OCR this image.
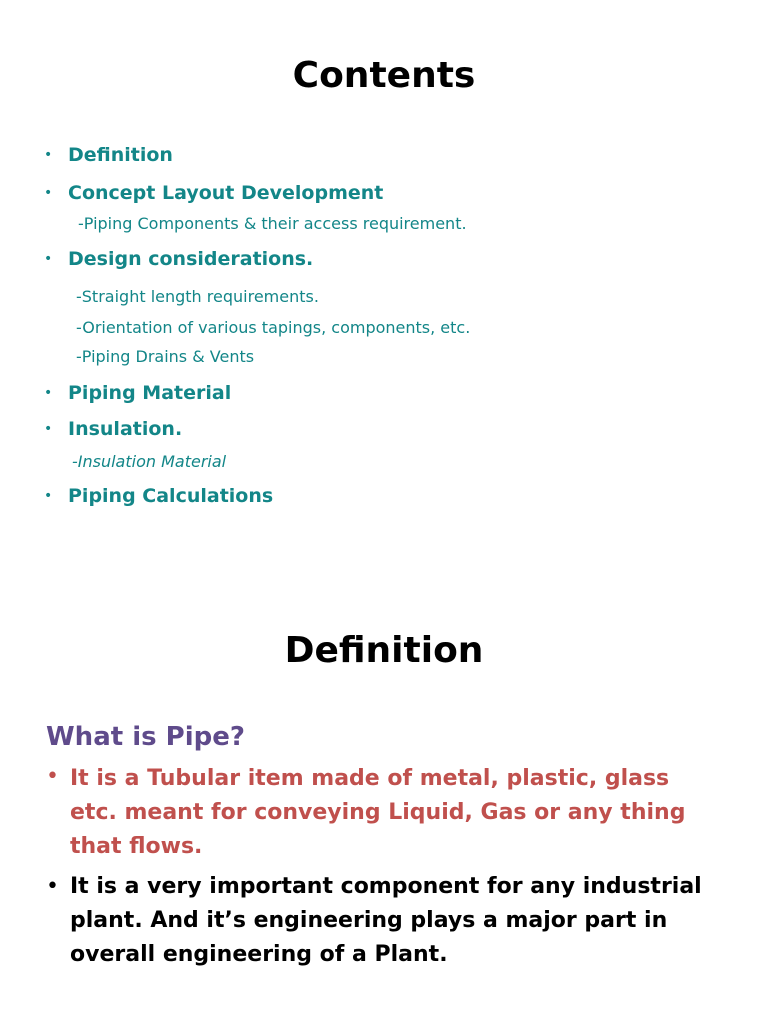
Contents
• Definition
• Concept Layout Development
-Piping Components & their access requirement.
• Design considerations.
-Straight length requirements.
-Orientation of various tapings, components, etc.
-Piping Drains & Vents
• Piping Material
• Insulation.
-Insulation Material
• Piping Calculations
Definition
What is Pipe?
• It is a Tubular item made of metal, plastic, glass etc. meant for conveying Liquid, Gas or any thing that flows.

• It is a very important component for any industrial plant. And it’s engineering plays a major part in overall engineering of a Plant.
